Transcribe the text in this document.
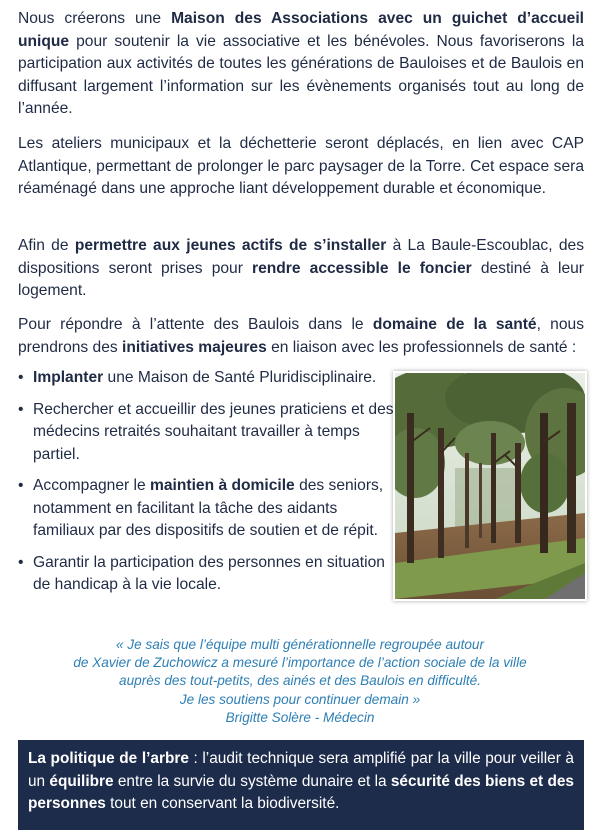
Nous créerons une Maison des Associations avec un guichet d’accueil unique pour soutenir la vie associative et les bénévoles. Nous favoriserons la participation aux activités de toutes les générations de Bauloises et de Baulois en diffusant largement l’information sur les évènements organisés tout au long de l’année.

Les ateliers municipaux et la déchetterie seront déplacés, en lien avec CAP Atlantique, permettant de prolonger le parc paysager de la Torre. Cet espace sera réaménagé dans une approche liant développement durable et économique.

Afin de permettre aux jeunes actifs de s’installer à La Baule-Escoublac, des dispositions seront prises pour rendre accessible le foncier destiné à leur logement.

Pour répondre à l’attente des Baulois dans le domaine de la santé, nous prendrons des initiatives majeures en liaison avec les professionnels de santé :

• Implanter une Maison de Santé Pluridisciplinaire.
• Rechercher et accueillir des jeunes praticiens et des médecins retraités souhaitant travailler à temps partiel.
• Accompagner le maintien à domicile des seniors, notamment en facilitant la tâche des aidants familiaux par des dispositifs de soutien et de répit.
• Garantir la participation des personnes en situation de handicap à la vie locale.
« Je sais que l’équipe multi générationnelle regroupée autour
de Xavier de Zuchowicz a mesuré l’importance de l’action sociale de la ville
auprès des tout-petits, des ainés et des Baulois en difficulté.
Je les soutiens pour continuer demain »
Brigitte Solère - Médecin
La politique de l’arbre : l’audit technique sera amplifié par la ville pour veiller à un équilibre entre la survie du système dunaire et la sécurité des biens et des personnes tout en conservant la biodiversité.
